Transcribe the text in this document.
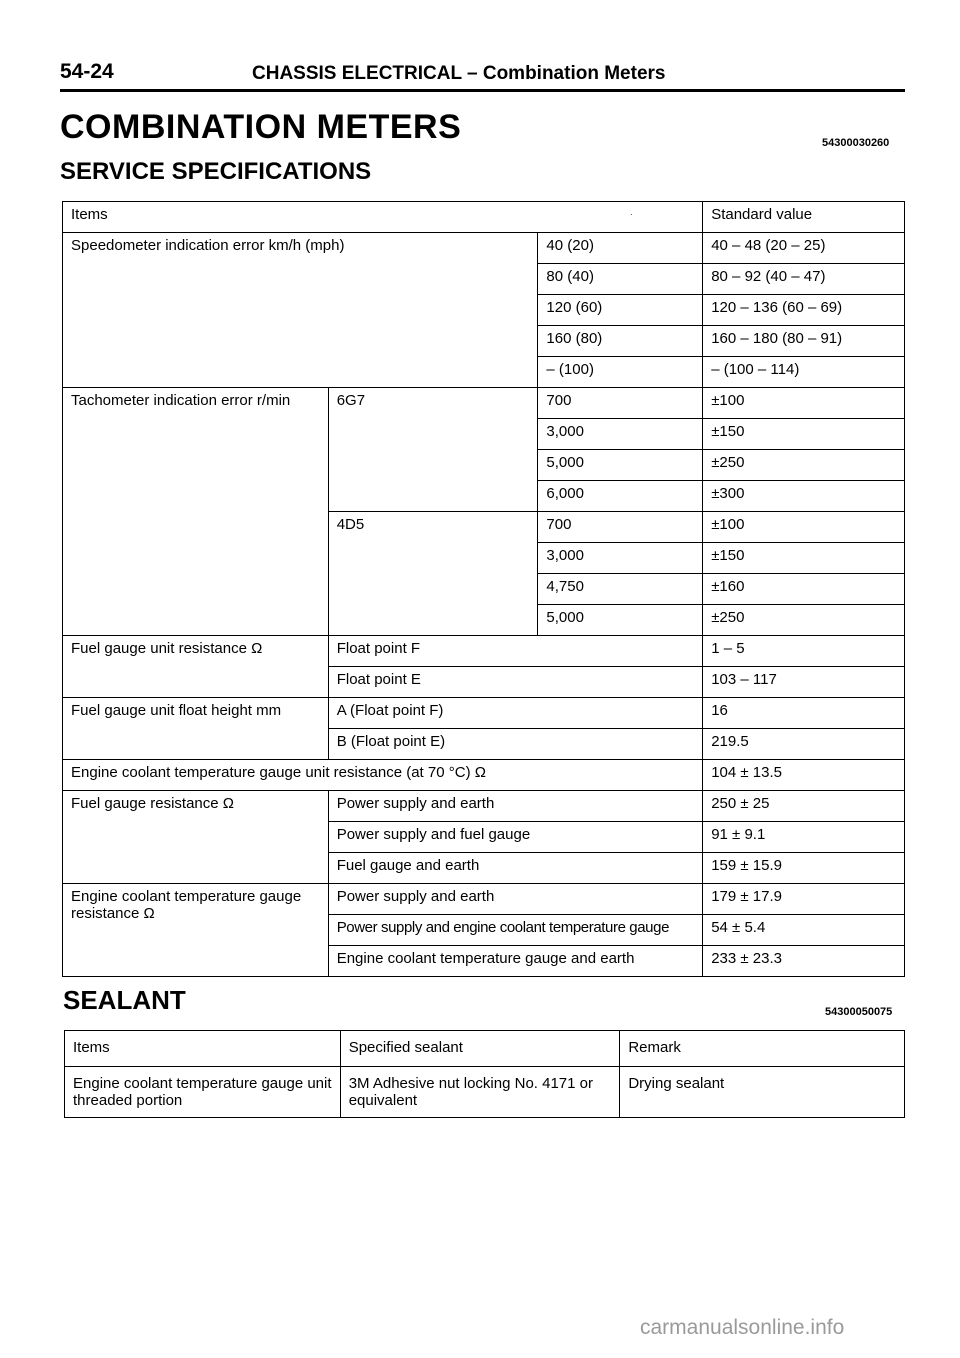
54-24	CHASSIS ELECTRICAL – Combination Meters
COMBINATION METERS	54300030260
SERVICE SPECIFICATIONS
·
Items			Standard value
Speedometer indication error km/h (mph)		40 (20)	40 – 48 (20 – 25)
		80 (40)	80 – 92 (40 – 47)
		120 (60)	120 – 136 (60 – 69)
		160 (80)	160 – 180 (80 – 91)
		– (100)	– (100 – 114)
Tachometer indication error r/min	6G7	700	±100
		3,000	±150
		5,000	±250
		6,000	±300
	4D5	700	±100
		3,000	±150
		4,750	±160
		5,000	±250
Fuel gauge unit resistance Ω	Float point F		1 – 5
	Float point E		103 – 117
Fuel gauge unit float height mm	A (Float point F)		16
	B (Float point E)		219.5
Engine coolant temperature gauge unit resistance (at 70 °C) Ω			104 ± 13.5
Fuel gauge resistance Ω	Power supply and earth		250 ± 25
	Power supply and fuel gauge		91 ± 9.1
	Fuel gauge and earth		159 ± 15.9
Engine coolant temperature gauge resistance Ω	Power supply and earth		179 ± 17.9
	Power supply and engine coolant temperature gauge		54 ± 5.4
	Engine coolant temperature gauge and earth		233 ± 23.3
SEALANT	54300050075
Items	Specified sealant	Remark
Engine coolant temperature gauge unit threaded portion	3M Adhesive nut locking No. 4171 or equivalent	Drying sealant
carmanualsonline.info
